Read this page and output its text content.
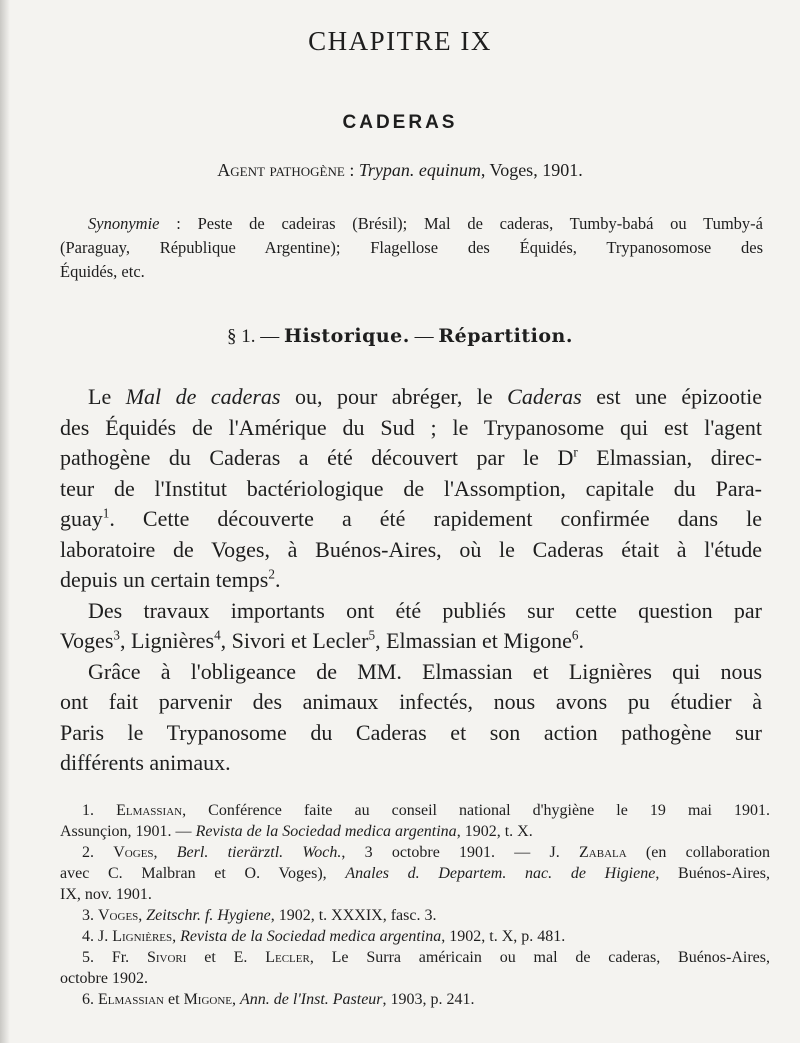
CHAPITRE IX
CADERAS
Agent pathogène : Trypan. equinum, Voges, 1901.
Synonymie : Peste de cadeiras (Brésil); Mal de caderas, Tumby-babá ou Tumby-á
(Paraguay, République Argentine); Flagellose des Équidés, Trypanosomose des
Équidés, etc.
§ 1. — Historique. — Répartition.
Le Mal de caderas ou, pour abréger, le Caderas est une épizootie
des Équidés de l'Amérique du Sud ; le Trypanosome qui est l'agent
pathogène du Caderas a été découvert par le $D^r$ Elmassian, direc-
teur de l'Institut bactériologique de l'Assomption, capitale du Para-
guay$^1$. Cette découverte a été rapidement confirmée dans le
laboratoire de Voges, à Buénos-Aires, où le Caderas était à l'étude
depuis un certain temps$^2$.
Des travaux importants ont été publiés sur cette question par
Voges$^3$, Lignières$^4$, Sivori et Lecler$^5$, Elmassian et Migone$^6$.
Grâce à l'obligeance de MM. Elmassian et Lignières qui nous
ont fait parvenir des animaux infectés, nous avons pu étudier à
Paris le Trypanosome du Caderas et son action pathogène sur
différents animaux.
1. Elmassian, Conférence faite au conseil national d'hygiène le 19 mai 1901.
Assunçion, 1901. — Revista de la Sociedad medica argentina, 1902, t. X.
2. Voges, Berl. tierärztl. Woch., 3 octobre 1901. — J. Zabala (en collaboration
avec C. Malbran et O. Voges), Anales d. Departem. nac. de Higiene, Buénos-Aires,
IX, nov. 1901.
3. Voges, Zeitschr. f. Hygiene, 1902, t. XXXIX, fasc. 3.
4. J. Lignières, Revista de la Sociedad medica argentina, 1902, t. X, p. 481.
5. Fr. Sivori et E. Lecler, Le Surra américain ou mal de caderas, Buénos-Aires,
octobre 1902.
6. Elmassian et Migone, Ann. de l'Inst. Pasteur, 1903, p. 241.
